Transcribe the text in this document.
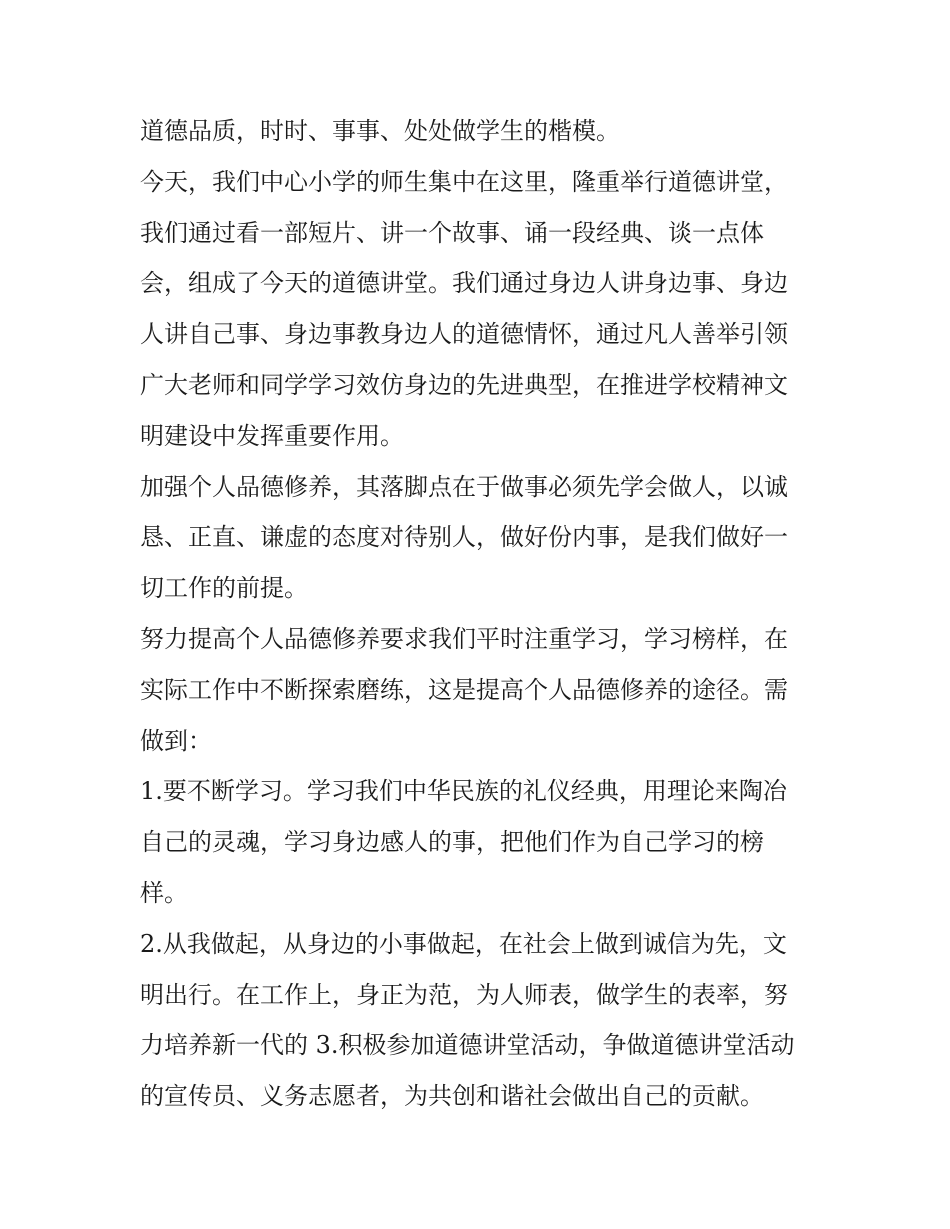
道德品质，时时、事事、处处做学生的楷模。
今天，我们中心小学的师生集中在这里，隆重举行道德讲堂，
我们通过看一部短片、讲一个故事、诵一段经典、谈一点体
会，组成了今天的道德讲堂。我们通过身边人讲身边事、身边
人讲自己事、身边事教身边人的道德情怀，通过凡人善举引领
广大老师和同学学习效仿身边的先进典型，在推进学校精神文
明建设中发挥重要作用。
加强个人品德修养，其落脚点在于做事必须先学会做人，以诚
恳、正直、谦虚的态度对待别人，做好份内事，是我们做好一
切工作的前提。
努力提高个人品德修养要求我们平时注重学习，学习榜样，在
实际工作中不断探索磨练，这是提高个人品德修养的途径。需
做到：
1.要不断学习。学习我们中华民族的礼仪经典，用理论来陶冶
自己的灵魂，学习身边感人的事，把他们作为自己学习的榜
样。
2.从我做起，从身边的小事做起，在社会上做到诚信为先，文
明出行。在工作上，身正为范，为人师表，做学生的表率，努
力培养新一代的 3.积极参加道德讲堂活动，争做道德讲堂活动
的宣传员、义务志愿者，为共创和谐社会做出自己的贡献。
